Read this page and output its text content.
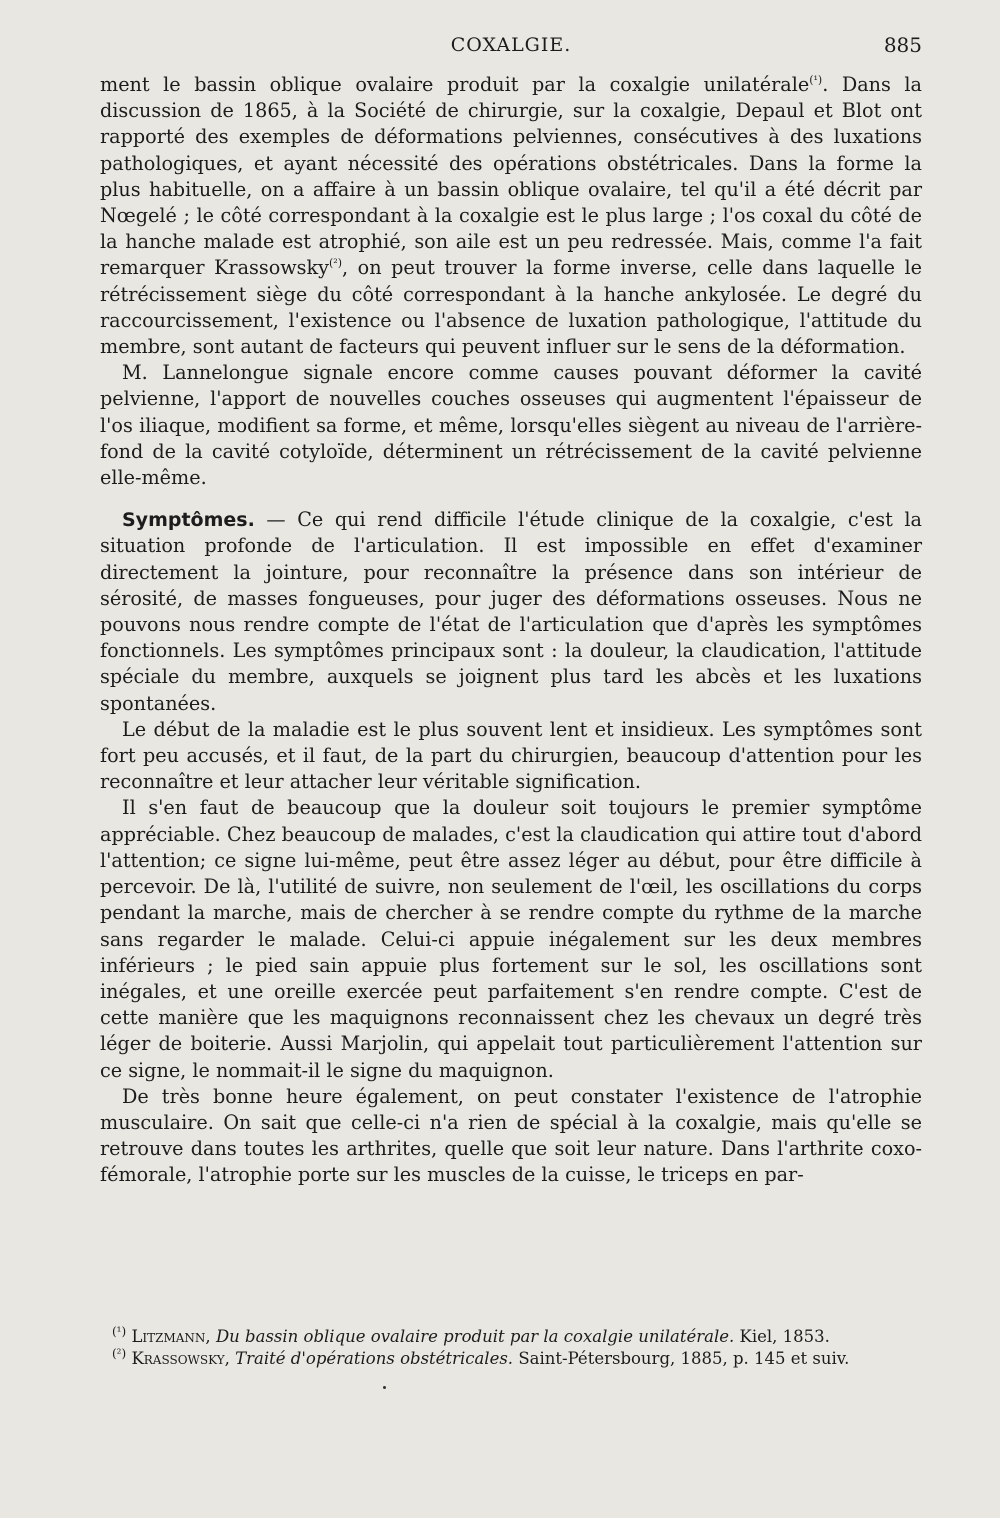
COXALGIE.	885

ment le bassin oblique ovalaire produit par la coxalgie unilatérale$^{(^1)}$. Dans la discussion de 1865, à la Société de chirurgie, sur la coxalgie, Depaul et Blot ont rapporté des exemples de déformations pelviennes, consécutives à des luxations pathologiques, et ayant nécessité des opérations obstétricales. Dans la forme la plus habituelle, on a affaire à un bassin oblique ovalaire, tel qu'il a été décrit par Nœgelé ; le côté correspondant à la coxalgie est le plus large ; l'os coxal du côté de la hanche malade est atrophié, son aile est un peu redressée. Mais, comme l'a fait remarquer Krassowsky$^{(^2)}$, on peut trouver la forme inverse, celle dans laquelle le rétrécissement siège du côté correspondant à la hanche ankylosée. Le degré du raccourcissement, l'existence ou l'absence de luxation pathologique, l'attitude du membre, sont autant de facteurs qui peuvent influer sur le sens de la déformation.

M. Lannelongue signale encore comme causes pouvant déformer la cavité pelvienne, l'apport de nouvelles couches osseuses qui augmentent l'épaisseur de l'os iliaque, modifient sa forme, et même, lorsqu'elles siègent au niveau de l'arrière-fond de la cavité cotyloïde, déterminent un rétrécissement de la cavité pelvienne elle-même.

Symptômes. — Ce qui rend difficile l'étude clinique de la coxalgie, c'est la situation profonde de l'articulation. Il est impossible en effet d'examiner directement la jointure, pour reconnaître la présence dans son intérieur de sérosité, de masses fongueuses, pour juger des déformations osseuses. Nous ne pouvons nous rendre compte de l'état de l'articulation que d'après les symptômes fonctionnels. Les symptômes principaux sont : la douleur, la claudication, l'attitude spéciale du membre, auxquels se joignent plus tard les abcès et les luxations spontanées.

Le début de la maladie est le plus souvent lent et insidieux. Les symptômes sont fort peu accusés, et il faut, de la part du chirurgien, beaucoup d'attention pour les reconnaître et leur attacher leur véritable signification.

Il s'en faut de beaucoup que la douleur soit toujours le premier symptôme appréciable. Chez beaucoup de malades, c'est la claudication qui attire tout d'abord l'attention; ce signe lui-même, peut être assez léger au début, pour être difficile à percevoir. De là, l'utilité de suivre, non seulement de l'œil, les oscillations du corps pendant la marche, mais de chercher à se rendre compte du rythme de la marche sans regarder le malade. Celui-ci appuie inégalement sur les deux membres inférieurs ; le pied sain appuie plus fortement sur le sol, les oscillations sont inégales, et une oreille exercée peut parfaitement s'en rendre compte. C'est de cette manière que les maquignons reconnaissent chez les chevaux un degré très léger de boiterie. Aussi Marjolin, qui appelait tout particulièrement l'attention sur ce signe, le nommait-il le signe du maquignon.

De très bonne heure également, on peut constater l'existence de l'atrophie musculaire. On sait que celle-ci n'a rien de spécial à la coxalgie, mais qu'elle se retrouve dans toutes les arthrites, quelle que soit leur nature. Dans l'arthrite coxo-fémorale, l'atrophie porte sur les muscles de la cuisse, le triceps en par-

$^{(^1)}$ Litzmann, Du bassin oblique ovalaire produit par la coxalgie unilatérale. Kiel, 1853.

$^{(^2)}$ Krassowsky, Traité d'opérations obstétricales. Saint-Pétersbourg, 1885, p. 145 et suiv.
